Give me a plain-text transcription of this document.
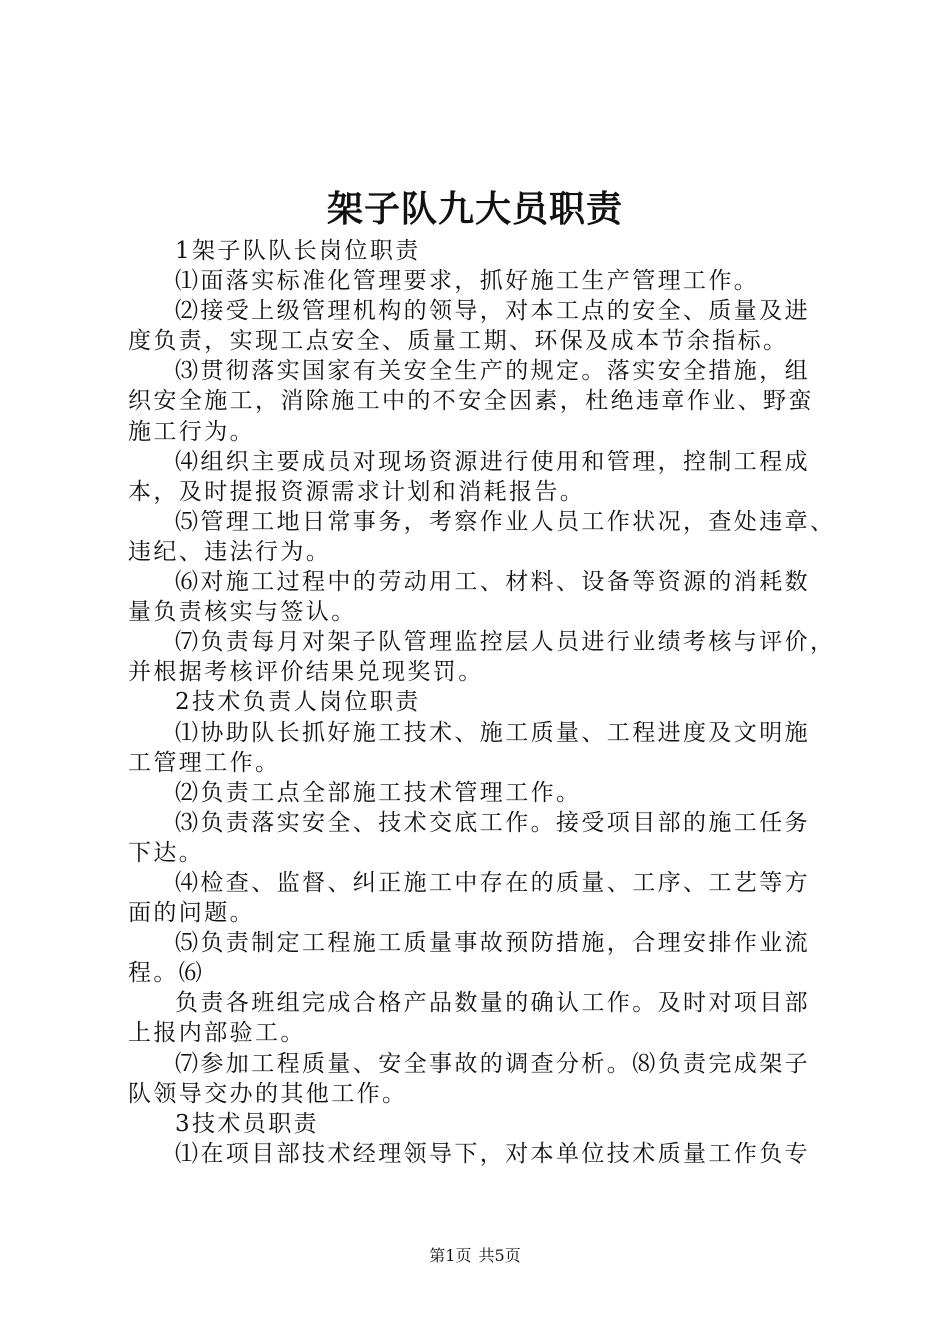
架子队九大员职责
1架子队队长岗位职责
⑴面落实标准化管理要求，抓好施工生产管理工作。
⑵接受上级管理机构的领导，对本工点的安全、质量及进
度负责，实现工点安全、质量工期、环保及成本节余指标。
⑶贯彻落实国家有关安全生产的规定。落实安全措施，组
织安全施工，消除施工中的不安全因素，杜绝违章作业、野蛮
施工行为。
⑷组织主要成员对现场资源进行使用和管理，控制工程成
本，及时提报资源需求计划和消耗报告。
⑸管理工地日常事务，考察作业人员工作状况，查处违章、
违纪、违法行为。
⑹对施工过程中的劳动用工、材料、设备等资源的消耗数
量负责核实与签认。
⑺负责每月对架子队管理监控层人员进行业绩考核与评价，
并根据考核评价结果兑现奖罚。
2技术负责人岗位职责
⑴协助队长抓好施工技术、施工质量、工程进度及文明施
工管理工作。
⑵负责工点全部施工技术管理工作。
⑶负责落实安全、技术交底工作。接受项目部的施工任务
下达。
⑷检查、监督、纠正施工中存在的质量、工序、工艺等方
面的问题。
⑸负责制定工程施工质量事故预防措施，合理安排作业流
程。⑹
负责各班组完成合格产品数量的确认工作。及时对项目部
上报内部验工。
⑺参加工程质量、安全事故的调查分析。⑻负责完成架子
队领导交办的其他工作。
3技术员职责
⑴在项目部技术经理领导下，对本单位技术质量工作负专
第1页 共5页
